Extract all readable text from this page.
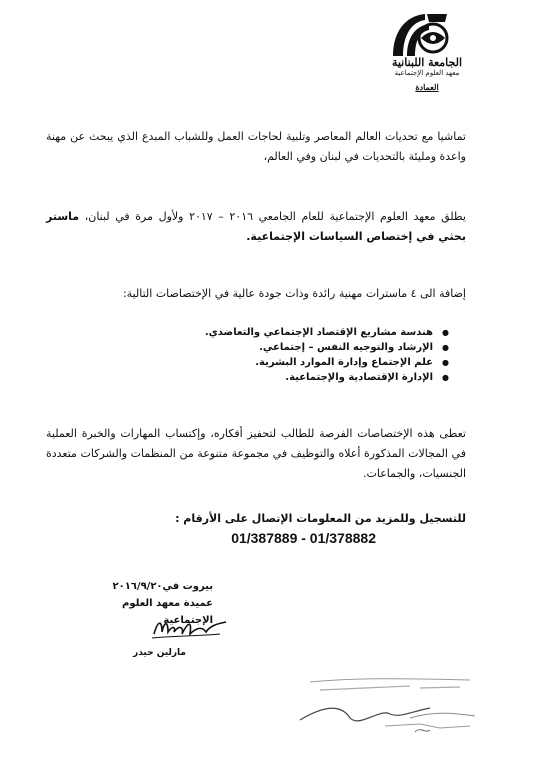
الجامعة اللبنانية
معهد العلوم الإجتماعية
العمادة
تماشيا مع تحديات العالم المعاصر وتلبية لحاجات العمل وللشباب المبدع الذي يبحث عن مهنة واعدة ومليئة بالتحديات في لبنان وفي العالم،
يطلق معهد العلوم الإجتماعية للعام الجامعي ٢٠١٦ – ٢٠١٧ ولأول مرة في لبنان، ماستر بحثي في إختصاص السياسات الإجتماعية.
إضافة الى ٤ ماسترات مهنية رائدة وذات جودة عالية في الإختصاصات التالية:
● هندسة مشاريع الإقتصاد الإجتماعي والتعاضدي.
● الإرشاد والتوجيه النفس – إجتماعي.
● علم الإجتماع وإدارة الموارد البشرية.
● الإدارة الإقتصادية والإجتماعية.
تعطى هذه الإختصاصات الفرصة للطالب لتحفيز أفكاره، وإكتساب المهارات والخبرة العملية في المجالات المذكورة أعلاه والتوظيف في مجموعة متنوعة من المنظمات والشركات متعددة الجنسيات، والجماعات.
للتسجيل وللمزيد من المعلومات الإتصال على الأرقام :
01/387889 - 01/378882
بيروت في٢٠١٦/٩/٢٠
عميدة معهد العلوم الإجتماعية
مارلين حيدر
